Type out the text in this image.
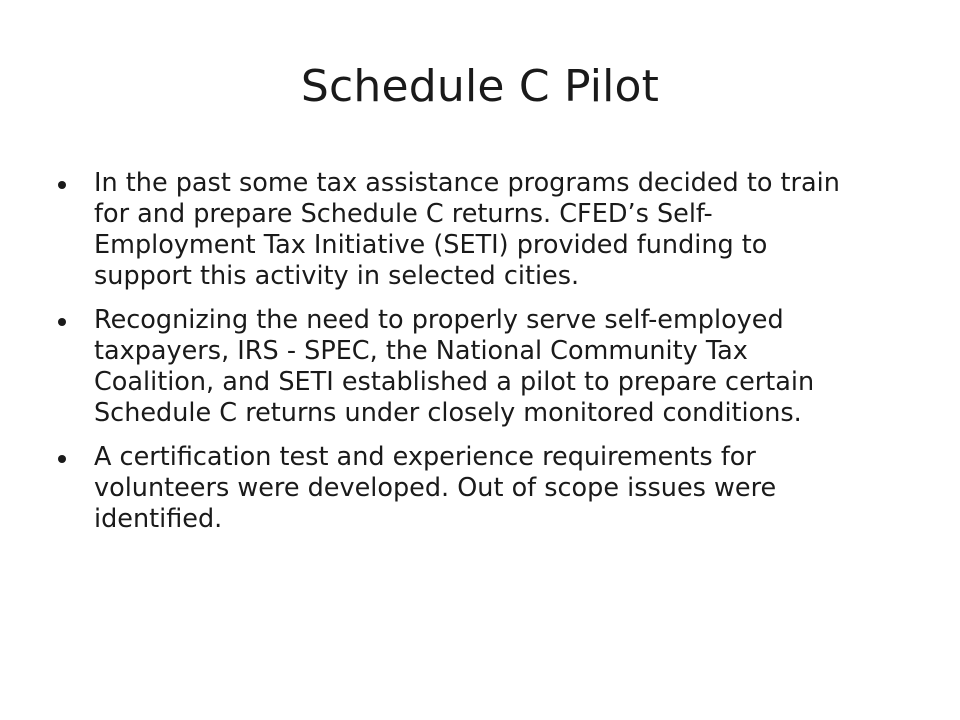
Schedule C Pilot
In the past some tax assistance programs decided to train for and prepare Schedule C returns. CFED’s Self-Employment Tax Initiative (SETI) provided funding to support this activity in selected cities.
Recognizing the need to properly serve self-employed taxpayers, IRS - SPEC, the National Community Tax Coalition, and SETI established a pilot to prepare certain Schedule C returns under closely monitored conditions.
A certification test and experience requirements for volunteers were developed. Out of scope issues were identified.
